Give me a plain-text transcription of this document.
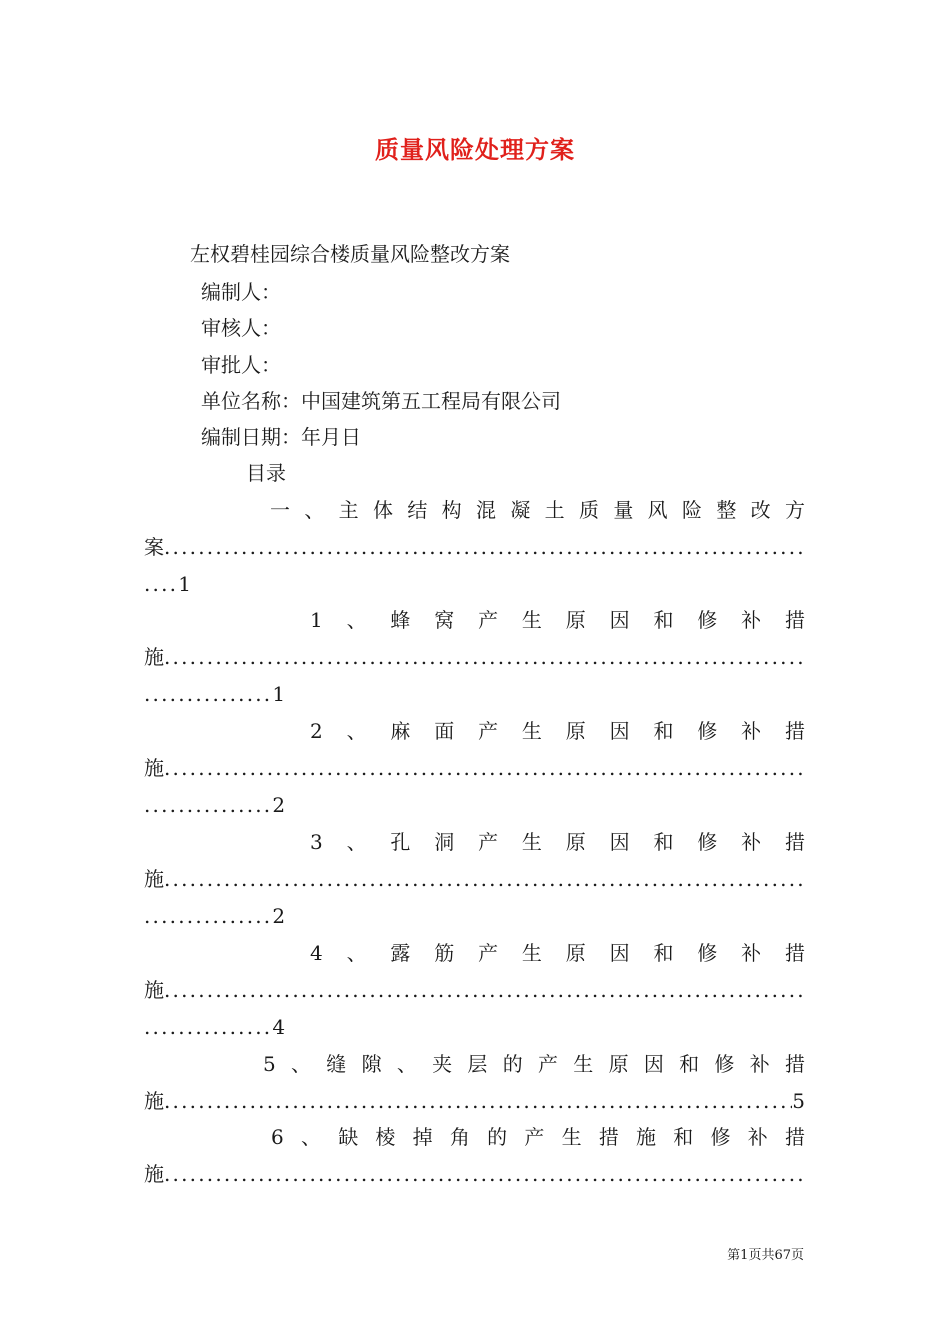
质量风险处理方案
左权碧桂园综合楼质量风险整改方案
编制人：
审核人：
审批人：
单位名称：中国建筑第五工程局有限公司
编制日期：年月日
目录
一、主体结构混凝土质量风险整改方
案
.....
....1
1、蜂窝产生原因和修补措
施
.....
...............1
2、麻面产生原因和修补措
施
.....
...............2
3、孔洞产生原因和修补措
施
.....
...............2
4、露筋产生原因和修补措
施
.....
...............4
5、缝隙、夹层的产生原因和修补措
施 .....	5
6、缺棱掉角的产生措施和修补措
施
.....
第1页共67页
